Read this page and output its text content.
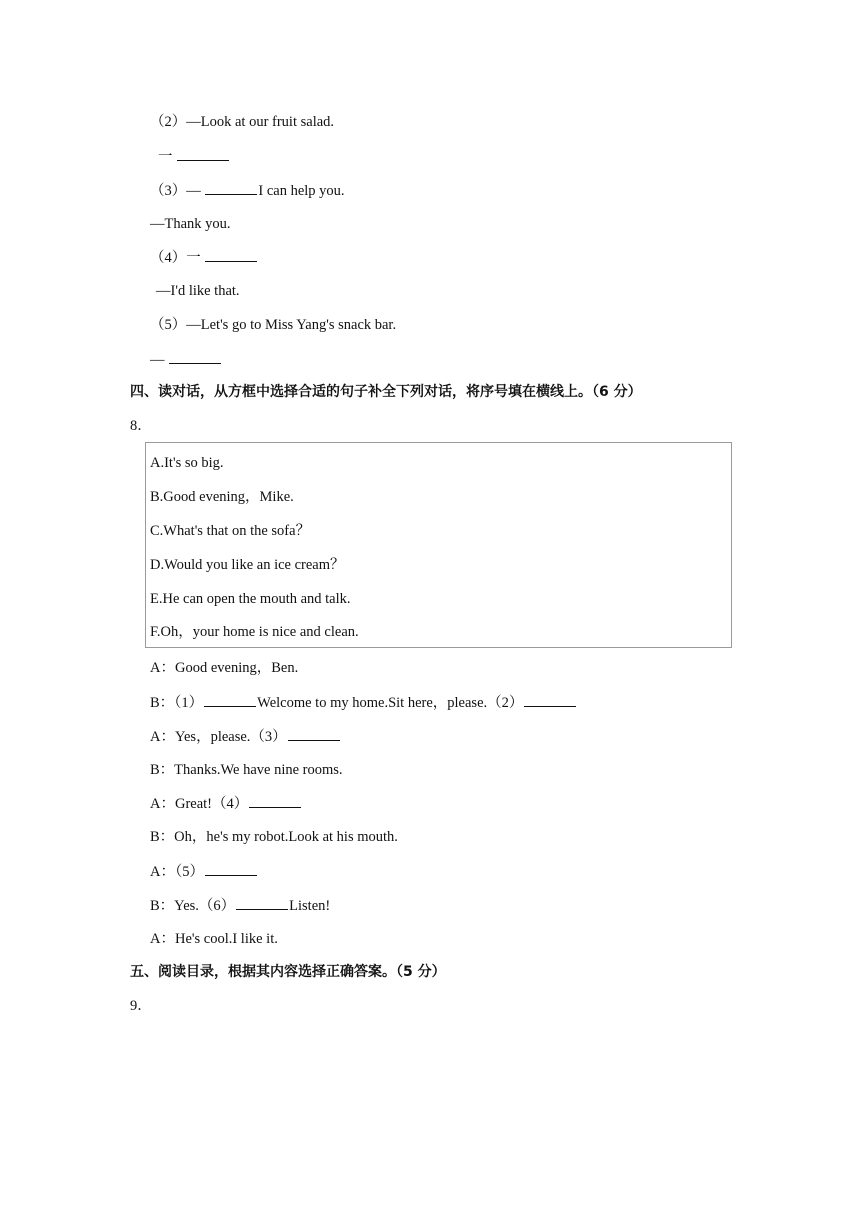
（2）—Look at our fruit salad.
一
（3）—	I can help you.
—Thank you.
（4）一
—I'd like that.
（5）—Let's go to Miss Yang's snack bar.
—
四、读对话，从方框中选择合适的句子补全下列对话，将序号填在横线上。（6 分）
8．
A.It's so big.
B.Good evening，Mike.
C.What's that on the sofa？
D.Would you like an ice cream？
E.He can open the mouth and talk.
F.Oh，your home is nice and clean.
A：Good evening，Ben.
B：（1）	Welcome to my home.Sit here，please.（2）
A：Yes，please.（3）
B：Thanks.We have nine rooms.
A：Great!（4）
B：Oh，he's my robot.Look at his mouth.
A：（5）
B：Yes.（6）	Listen!
A：He's cool.I like it.
五、阅读目录，根据其内容选择正确答案。（5 分）
9．
